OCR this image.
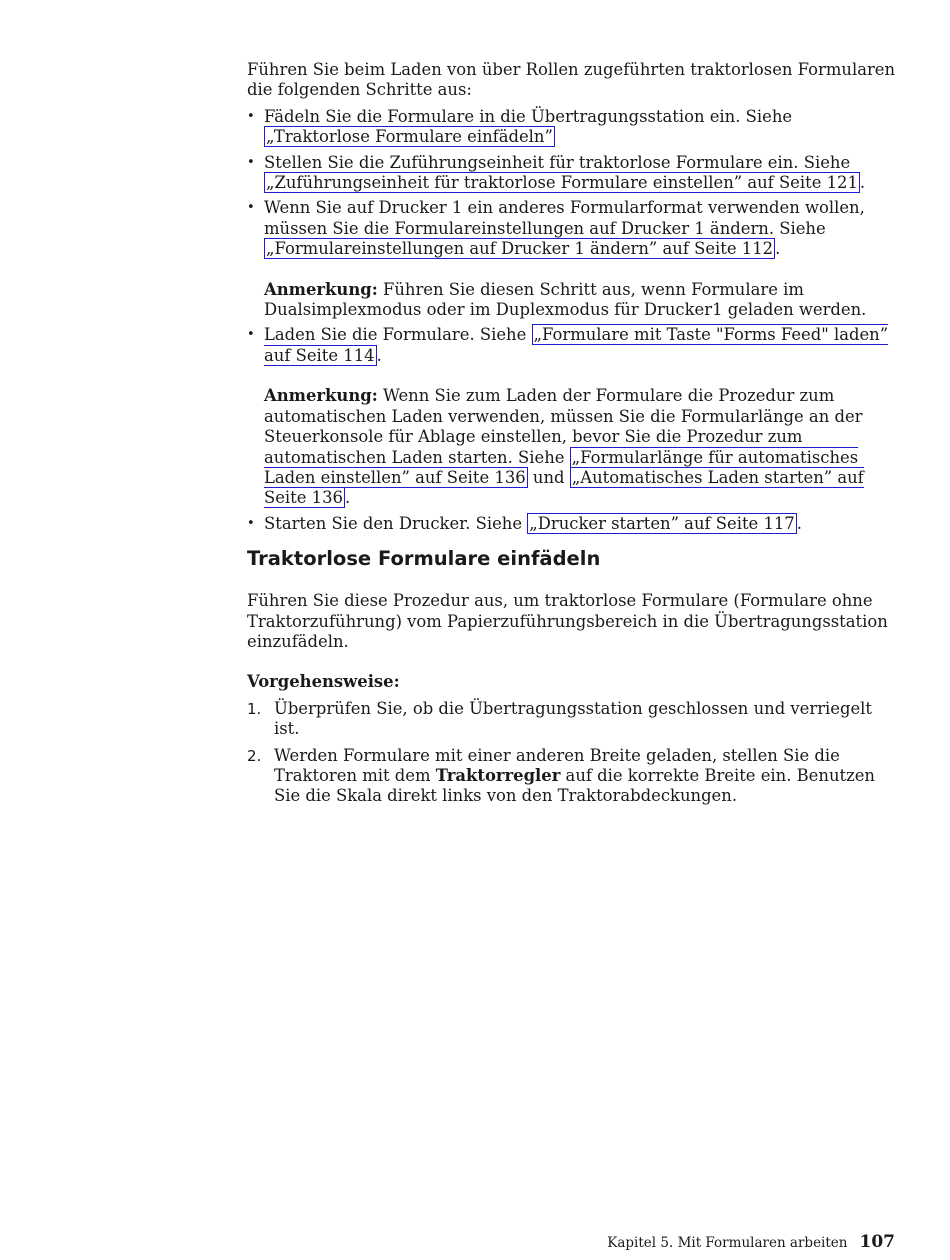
Führen Sie beim Laden von über Rollen zugeführten traktorlosen Formularen die folgenden Schritte aus:

• Fädeln Sie die Formulare in die Übertragungsstation ein. Siehe „Traktorlose Formulare einfädeln”
• Stellen Sie die Zuführungseinheit für traktorlose Formulare ein. Siehe „Zuführungseinheit für traktorlose Formulare einstellen” auf Seite 121 .
• Wenn Sie auf Drucker 1 ein anderes Formularformat verwenden wollen, müssen Sie die Formulareinstellungen auf Drucker 1 ändern. Siehe „Formulareinstellungen auf Drucker 1 ändern” auf Seite 112 .

Anmerkung: Führen Sie diesen Schritt aus, wenn Formulare im Dualsimplexmodus oder im Duplexmodus für Drucker1 geladen werden.

• Laden Sie die Formulare. Siehe „Formulare mit Taste "Forms Feed" laden” auf Seite 114 .

Anmerkung: Wenn Sie zum Laden der Formulare die Prozedur zum automatischen Laden verwenden, müssen Sie die Formularlänge an der Steuerkonsole für Ablage einstellen, bevor Sie die Prozedur zum automatischen Laden starten. Siehe „Formularlänge für automatisches Laden einstellen” auf Seite 136 und „Automatisches Laden starten” auf Seite 136 .

• Starten Sie den Drucker. Siehe „Drucker starten” auf Seite 117 .
Traktorlose Formulare einfädeln

Führen Sie diese Prozedur aus, um traktorlose Formulare (Formulare ohne Traktorzuführung) vom Papierzuführungsbereich in die Übertragungsstation einzufädeln.

Vorgehensweise:

1. Überprüfen Sie, ob die Übertragungsstation geschlossen und verriegelt ist.
2. Werden Formulare mit einer anderen Breite geladen, stellen Sie die Traktoren mit dem Traktorregler auf die korrekte Breite ein. Benutzen Sie die Skala direkt links von den Traktorabdeckungen.
Kapitel 5. Mit Formularen arbeiten 107
